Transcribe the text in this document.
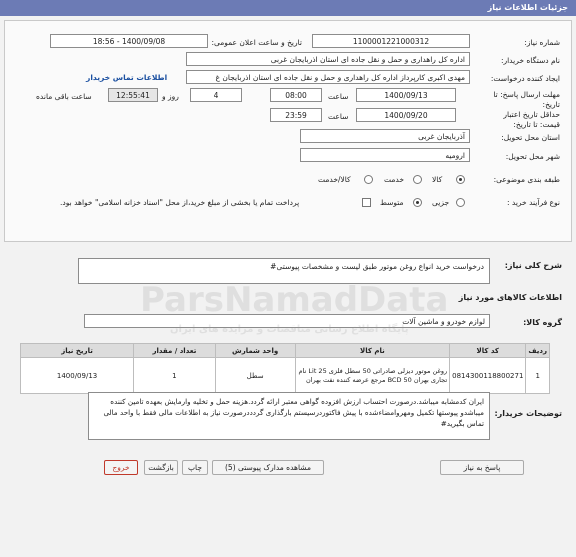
جزئیات اطلاعات نیاز
شماره نیاز:
1100001221000312
تاریخ و ساعت اعلان عمومی:
1400/09/08 - 18:56
نام دستگاه خریدار:
اداره کل راهداری و حمل و نقل جاده ای استان اذربایجان غربی
ایجاد کننده درخواست:
مهدی اکبری کارپرداز اداره کل راهداری و حمل و نقل جاده ای استان اذربایجان غ
اطلاعات تماس خریدار
مهلت ارسال پاسخ: تا تاریخ:
1400/09/13
ساعت
08:00
4
روز و
12:55:41
ساعت باقی مانده
حداقل تاریخ اعتبار قیمت: تا تاریخ:
1400/09/20
ساعت
23:59
استان محل تحویل:
آذربایجان غربی
شهر محل تحویل:
ارومیه
طبقه بندی موضوعی:
کالا
خدمت
کالا/خدمت
نوع فرآیند خرید :
جزیی
متوسط
پرداخت تمام یا بخشی از مبلغ خرید،از محل "اسناد خزانه اسلامی" خواهد بود.
شرح کلی نیاز:
درخواست خرید انواع روغن موتور طبق لیست و مشخصات پیوستی#
اطلاعات کالاهای مورد نیاز
گروه کالا:
لوازم خودرو و ماشین آلات
ردیف	کد کالا	نام کالا	واحد شمارش	تعداد / مقدار	تاریخ نیاز
1	0814300118800271	روغن موتور دیزلی صادراتی 50 سطل فلزی Lit 25 نام تجاری بهران BCD 50 مرجع عرضه کننده نفت بهران	سطل	1	1400/09/13
توضیحات خریدار:
ایران کدمشابه میباشد.درصورت احتساب ارزش افزوده گواهی معتبر ارائه گردد.هزینه حمل و تخلیه وارمایش بعهده تامین کننده میباشدو پیوستها تکمیل ومهروامضاءشده با پیش فاکتوردرسیستم بارگذاری گردددرصورت نیاز به اطلاعات مالی فقط با واحد مالی تماس بگیرید#
پاسخ به نیاز
مشاهده مدارک پیوستی (5)
چاپ
بازگشت
خروج
ParsNamadData
پایگاه اطلاع رسانی مناقصات و مزایده های ایران
